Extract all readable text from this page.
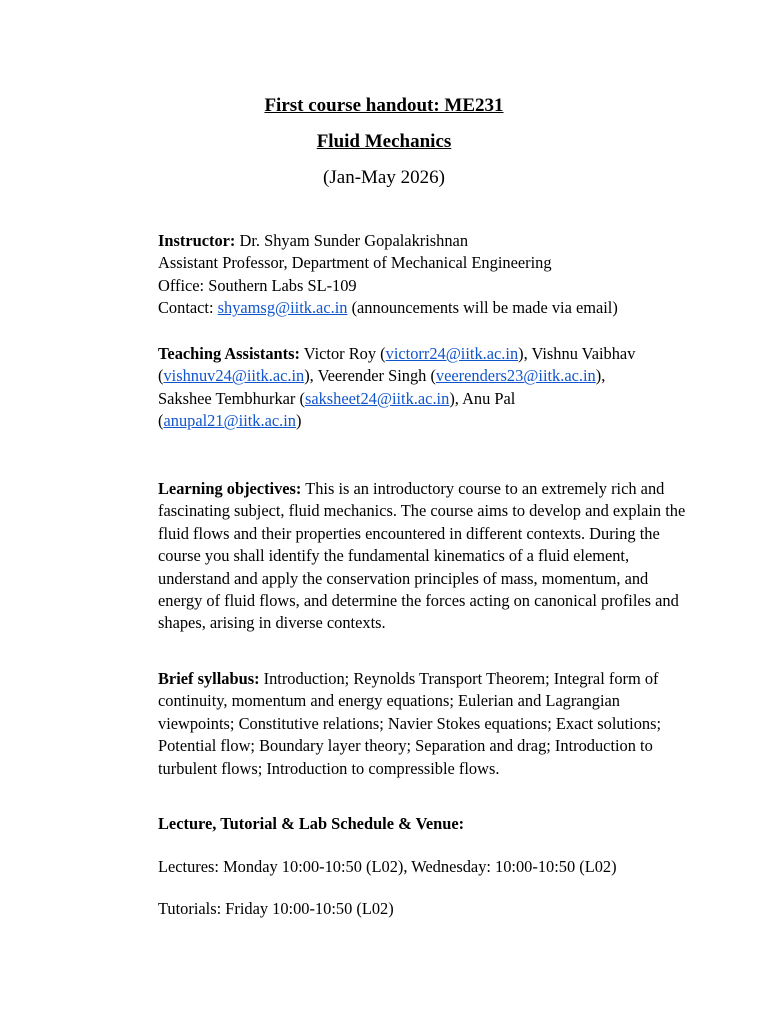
First course handout: ME231
Fluid Mechanics
(Jan-May 2026)

Instructor: Dr. Shyam Sunder Gopalakrishnan

Assistant Professor, Department of Mechanical Engineering

Office: Southern Labs SL-109

Contact: shyamsg@iitk.ac.in (announcements will be made via email)

Teaching Assistants: Victor Roy (victorr24@iitk.ac.in), Vishnu Vaibhav
(vishnuv24@iitk.ac.in), Veerender Singh (veerenders23@iitk.ac.in),
Sakshee Tembhurkar (saksheet24@iitk.ac.in), Anu Pal
(anupal21@iitk.ac.in)

Learning objectives: This is an introductory course to an extremely rich and fascinating subject, fluid mechanics. The course aims to develop and explain the fluid flows and their properties encountered in different contexts. During the course you shall identify the fundamental kinematics of a fluid element, understand and apply the conservation principles of mass, momentum, and energy of fluid flows, and determine the forces acting on canonical profiles and shapes, arising in diverse contexts.

Brief syllabus: Introduction; Reynolds Transport Theorem; Integral form ofcontinuity, momentum and energy equations; Eulerian and Lagrangian viewpoints; Constitutive relations; Navier Stokes equations; Exact solutions; Potential flow; Boundary layer theory; Separation and drag; Introduction to turbulent flows; Introduction to compressible flows.

Lecture, Tutorial & Lab Schedule & Venue:

Lectures: Monday 10:00-10:50 (L02), Wednesday: 10:00-10:50 (L02)
Tutorials: Friday 10:00-10:50 (L02)
